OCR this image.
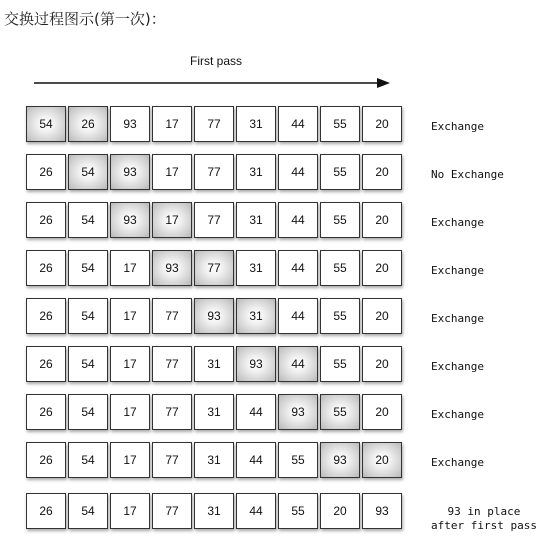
交换过程图示(第一次)：
First pass
54	26	93	17	77	31	44	55	20	Exchange
26	54	93	17	77	31	44	55	20	No Exchange
26	54	93	17	77	31	44	55	20	Exchange
26	54	17	93	77	31	44	55	20	Exchange
26	54	17	77	93	31	44	55	20	Exchange
26	54	17	77	31	93	44	55	20	Exchange
26	54	17	77	31	44	93	55	20	Exchange
26	54	17	77	31	44	55	93	20	Exchange
26	54	17	77	31	44	55	20	93	93 in place
after first pass
